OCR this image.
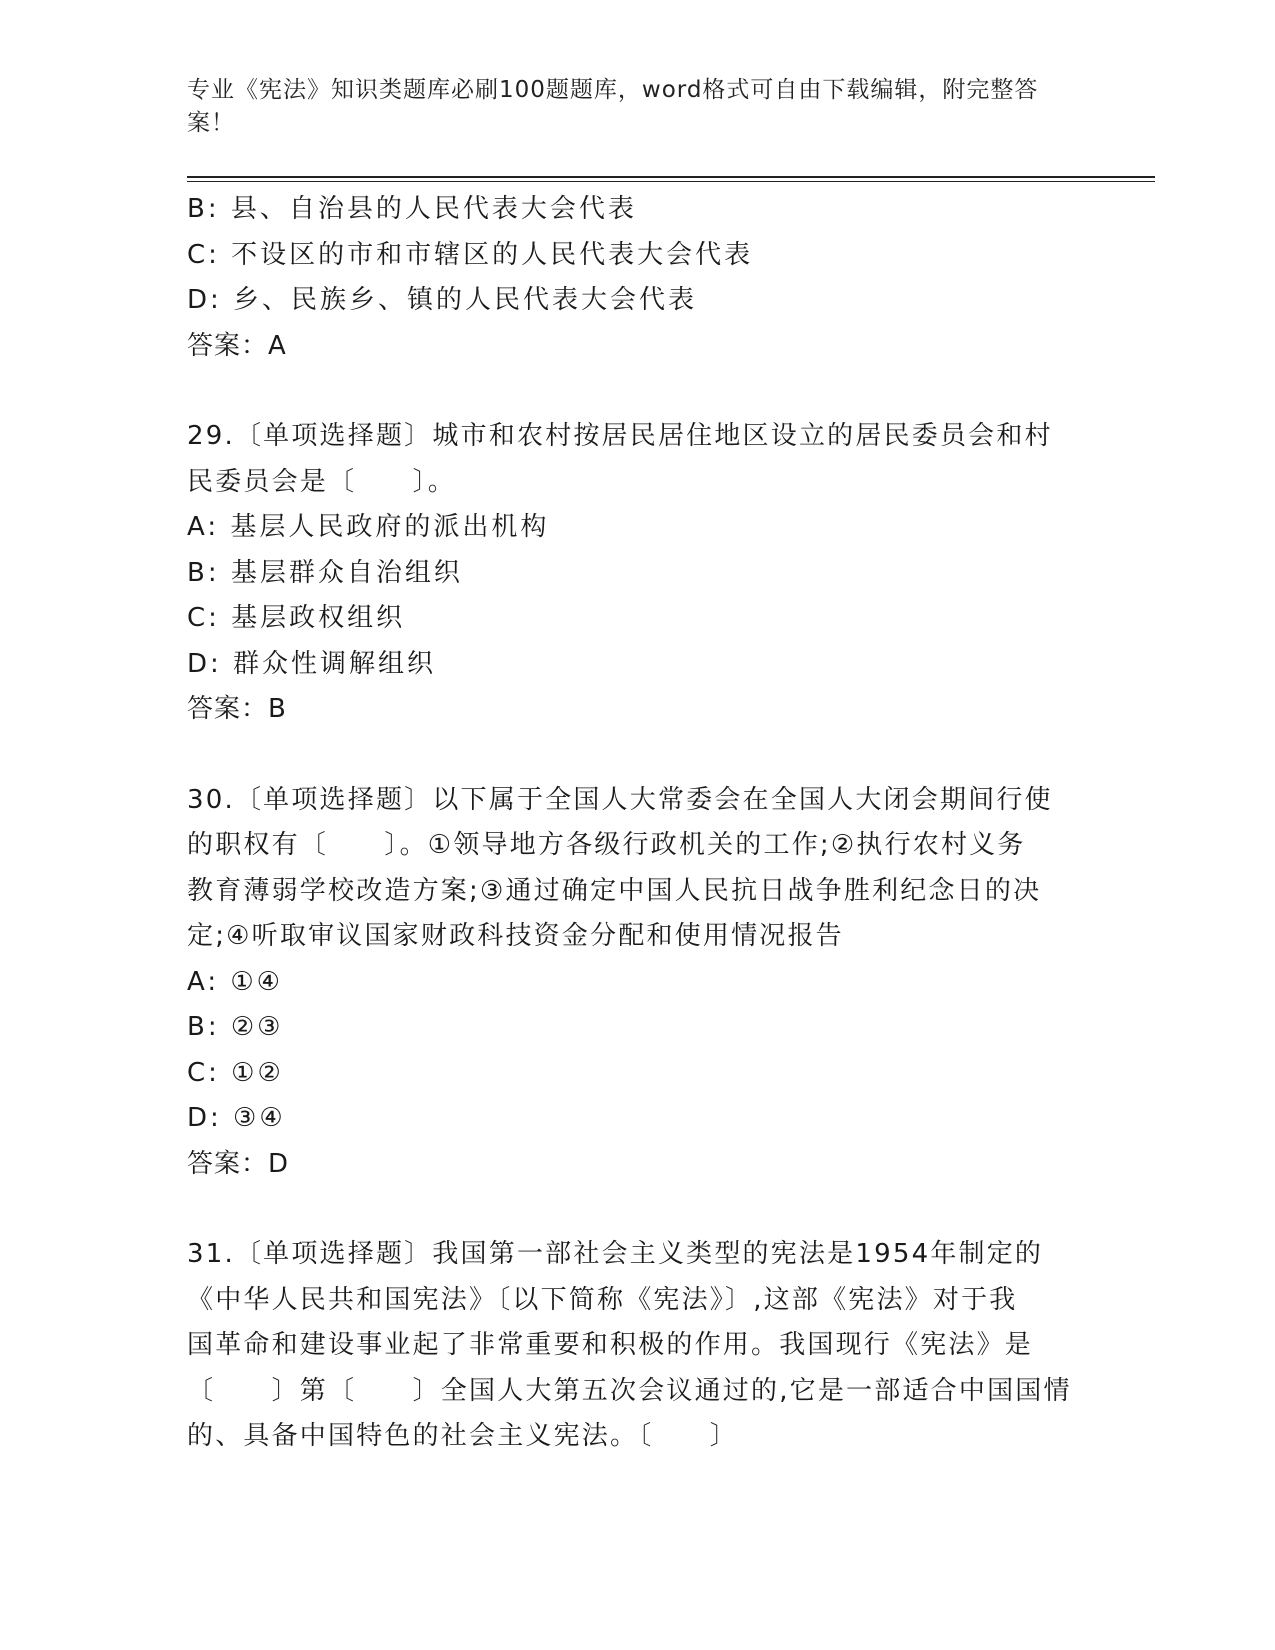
专业《宪法》知识类题库必刷100题题库，word格式可自由下载编辑，附完整答案！

B: 县、自治县的人民代表大会代表

C: 不设区的市和市辖区的人民代表大会代表

D: 乡、民族乡、镇的人民代表大会代表

答案：A

29.〔单项选择题〕城市和农村按居民居住地区设立的居民委员会和村

民委员会是〔　　〕。

A: 基层人民政府的派出机构

B: 基层群众自治组织

C: 基层政权组织

D: 群众性调解组织

答案：B

30.〔单项选择题〕以下属于全国人大常委会在全国人大闭会期间行使

的职权有〔　　〕。①领导地方各级行政机关的工作;②执行农村义务

教育薄弱学校改造方案;③通过确定中国人民抗日战争胜利纪念日的决

定;④听取审议国家财政科技资金分配和使用情况报告

A: ①④

B: ②③

C: ①②

D: ③④

答案：D

31.〔单项选择题〕我国第一部社会主义类型的宪法是1954年制定的

《中华人民共和国宪法》〔以下简称《宪法》〕,这部《宪法》对于我

国革命和建设事业起了非常重要和积极的作用。我国现行《宪法》是

〔　　〕第〔　　〕全国人大第五次会议通过的,它是一部适合中国国情

的、具备中国特色的社会主义宪法。〔　　〕
